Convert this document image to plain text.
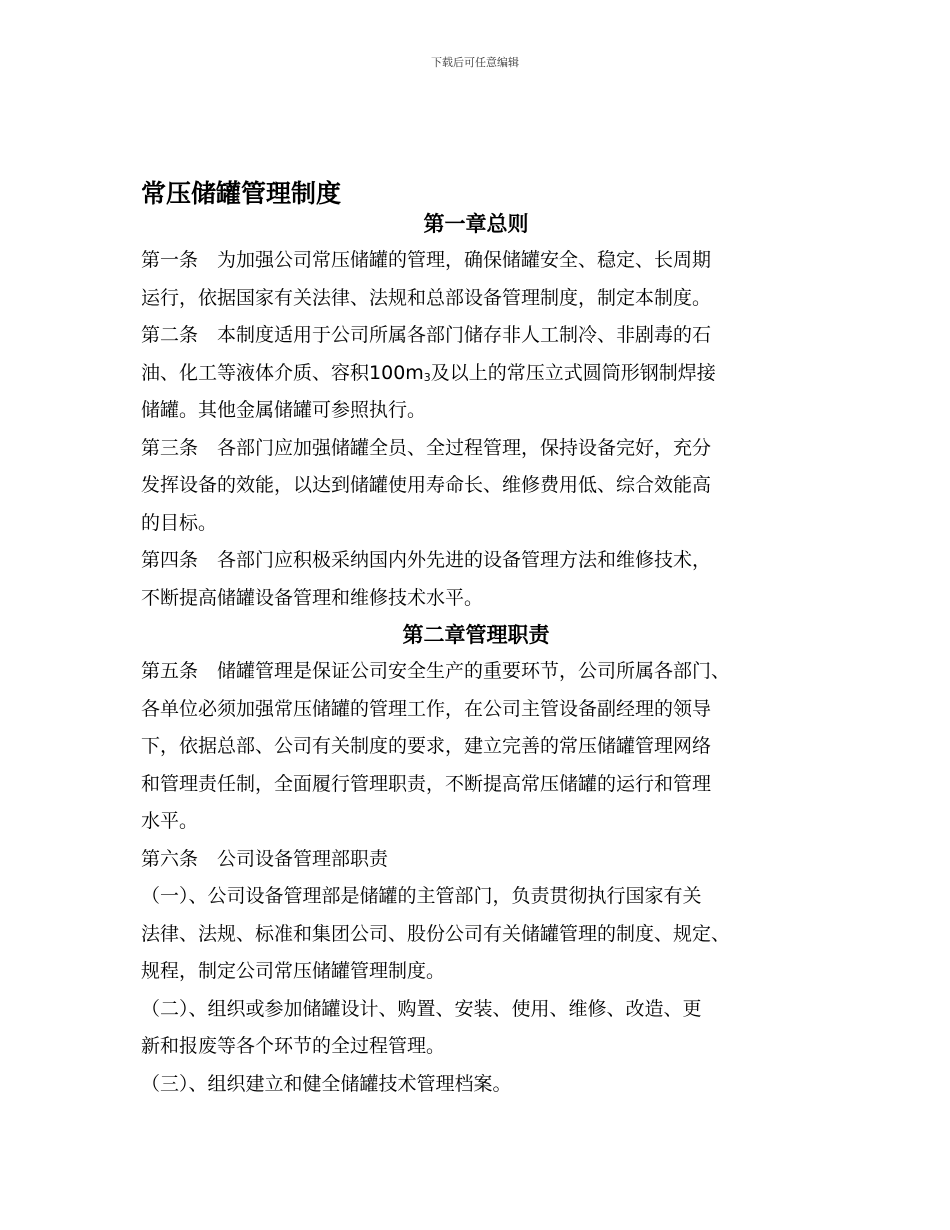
下载后可任意编辑
常压储罐管理制度
第一章总则

第一条　为加强公司常压储罐的管理，确保储罐安全、稳定、长周期
运行，依据国家有关法律、法规和总部设备管理制度，制定本制度。

第二条　本制度适用于公司所属各部门储存非人工制冷、非剧毒的石
油、化工等液体介质、容积100m3及以上的常压立式圆筒形钢制焊接
储罐。其他金属储罐可参照执行。

第三条　各部门应加强储罐全员、全过程管理，保持设备完好，充分
发挥设备的效能，以达到储罐使用寿命长、维修费用低、综合效能高
的目标。

第四条　各部门应积极采纳国内外先进的设备管理方法和维修技术，
不断提高储罐设备管理和维修技术水平。

第二章管理职责

第五条　储罐管理是保证公司安全生产的重要环节，公司所属各部门、
各单位必须加强常压储罐的管理工作，在公司主管设备副经理的领导
下，依据总部、公司有关制度的要求，建立完善的常压储罐管理网络
和管理责任制，全面履行管理职责，不断提高常压储罐的运行和管理
水平。

第六条　公司设备管理部职责

（一）、公司设备管理部是储罐的主管部门，负责贯彻执行国家有关
法律、法规、标准和集团公司、股份公司有关储罐管理的制度、规定、
规程，制定公司常压储罐管理制度。

（二）、组织或参加储罐设计、购置、安装、使用、维修、改造、更
新和报废等各个环节的全过程管理。

（三）、组织建立和健全储罐技术管理档案。
